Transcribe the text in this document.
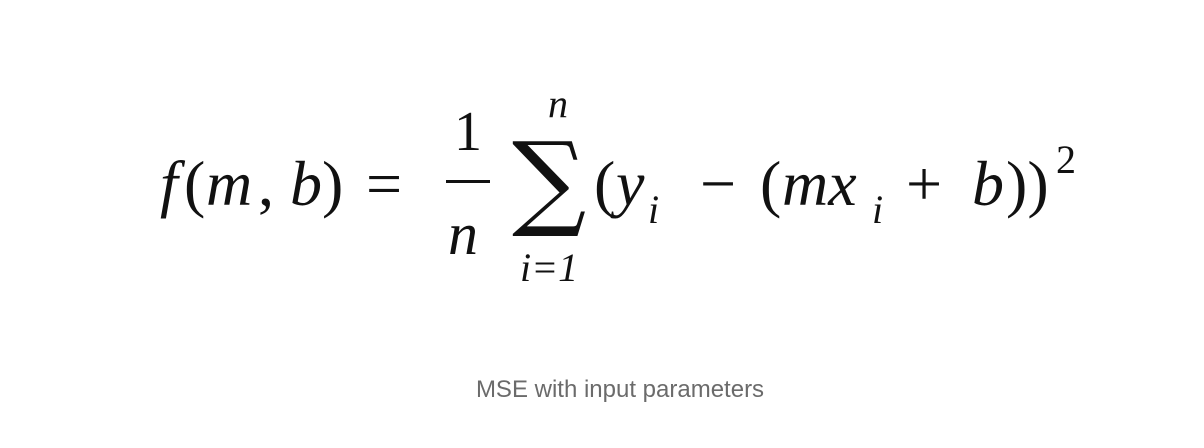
f ( m , b ) =
1
n
n
∑
i=1
( y i − ( mx i + b )) 2
MSE with input parameters
